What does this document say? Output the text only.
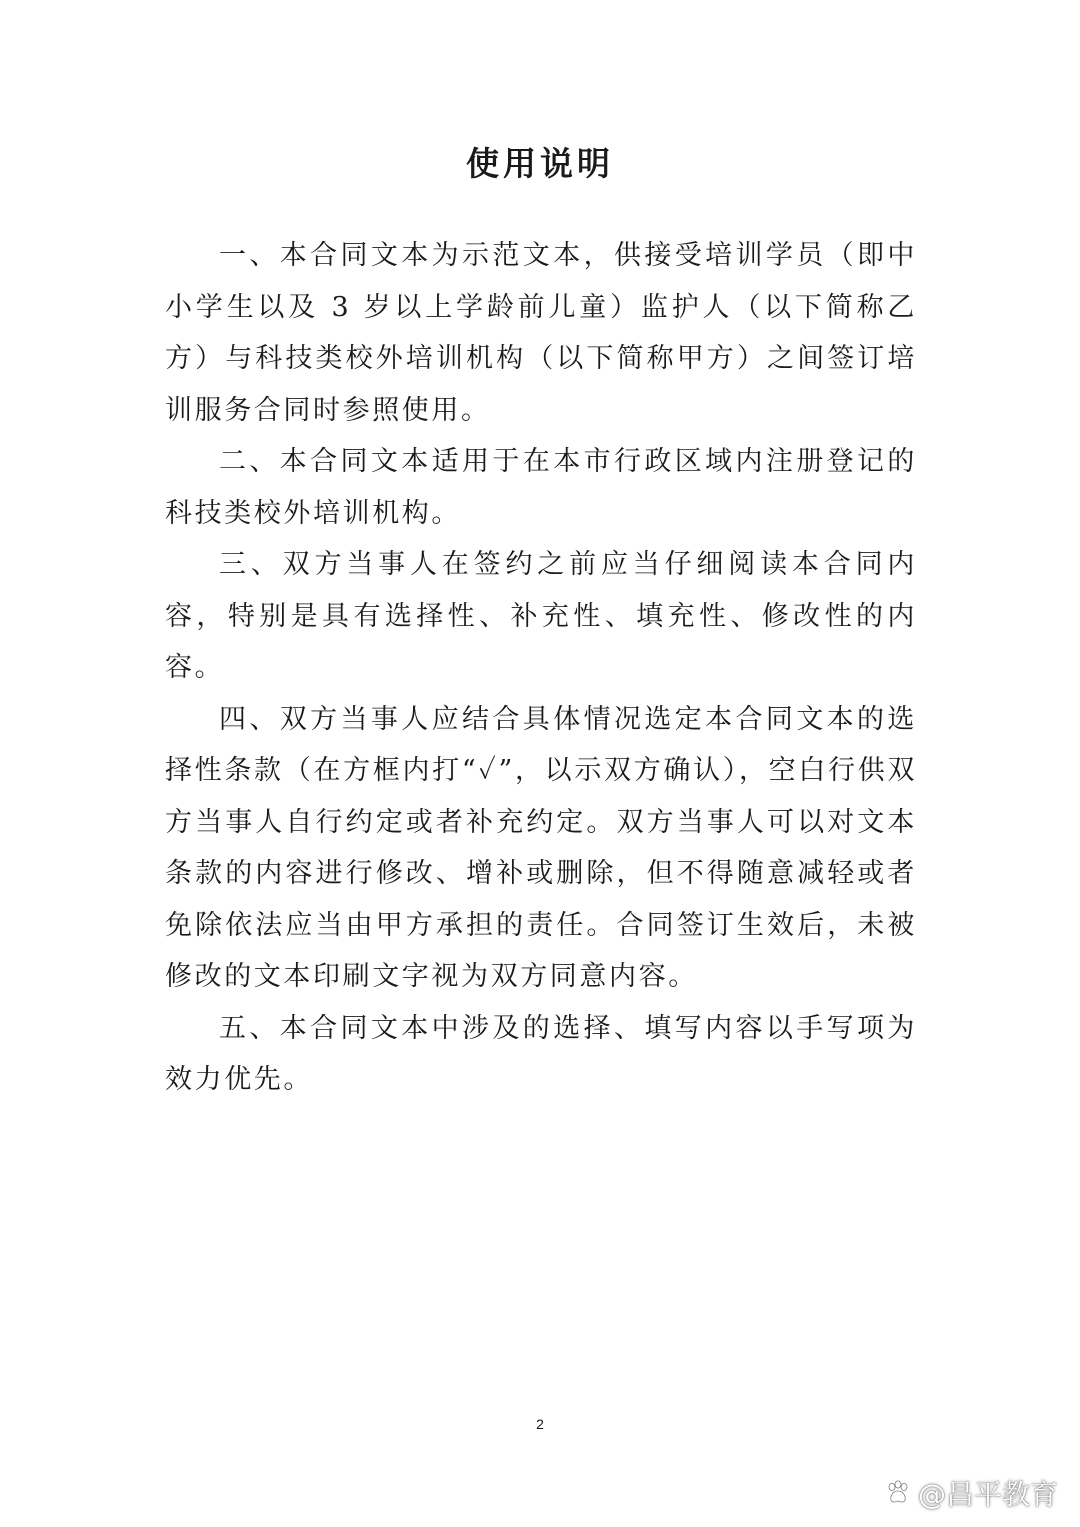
使用说明

一、本合同文本为示范文本，供接受培训学员（即中小学生以及 3 岁以上学龄前儿童）监护人（以下简称乙方）与科技类校外培训机构（以下简称甲方）之间签订培训服务合同时参照使用。

二、本合同文本适用于在本市行政区域内注册登记的科技类校外培训机构。

三、双方当事人在签约之前应当仔细阅读本合同内容，特别是具有选择性、补充性、填充性、修改性的内容。

四、双方当事人应结合具体情况选定本合同文本的选择性条款（在方框内打“✓”，以示双方确认），空白行供双方当事人自行约定或者补充约定。双方当事人可以对文本条款的内容进行修改、增补或删除，但不得随意减轻或者免除依法应当由甲方承担的责任。合同签订生效后，未被修改的文本印刷文字视为双方同意内容。

五、本合同文本中涉及的选择、填写内容以手写项为效力优先。

2
@昌平教育
